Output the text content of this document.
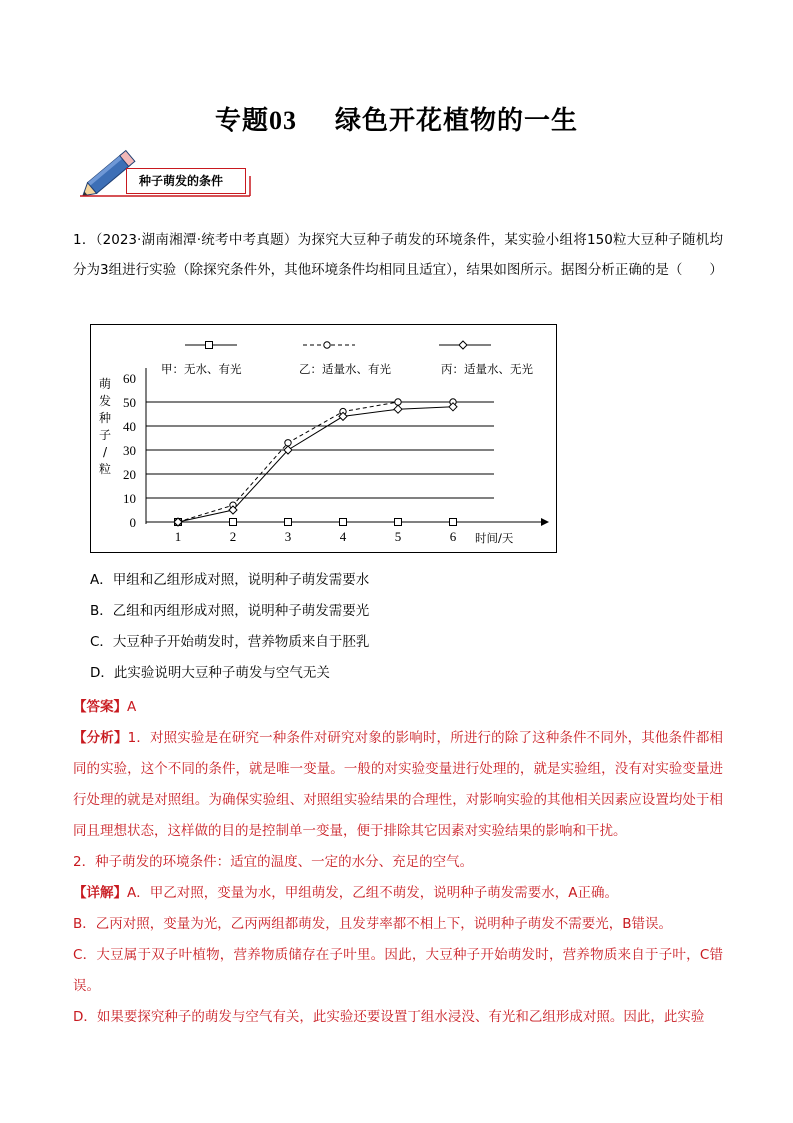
专题03 绿色开花植物的一生
种子萌发的条件
1．（2023·湖南湘潭·统考中考真题）为探究大豆种子萌发的环境条件，某实验小组将150粒大豆种子随机均分为3组进行实验（除探究条件外，其他环境条件均相同且适宜），结果如图所示。据图分析正确的是（　　）
0
10
20
30
40
50
60
1	2	3	4	5	6 时间/天
萌
发
种
子
/
粒
甲：无水、有光	乙：适量水、有光	丙：适量水、无光
A．甲组和乙组形成对照，说明种子萌发需要水
B．乙组和丙组形成对照，说明种子萌发需要光
C．大豆种子开始萌发时，营养物质来自于胚乳
D．此实验说明大豆种子萌发与空气无关
【答案】A

【分析】1．对照实验是在研究一种条件对研究对象的影响时，所进行的除了这种条件不同外，其他条件都相同的实验，这个不同的条件，就是唯一变量。一般的对实验变量进行处理的，就是实验组，没有对实验变量进行处理的就是对照组。为确保实验组、对照组实验结果的合理性，对影响实验的其他相关因素应设置均处于相同且理想状态，这样做的目的是控制单一变量，便于排除其它因素对实验结果的影响和干扰。

2．种子萌发的环境条件：适宜的温度、一定的水分、充足的空气。

【详解】A．甲乙对照，变量为水，甲组萌发，乙组不萌发，说明种子萌发需要水，A正确。

B．乙丙对照，变量为光，乙丙两组都萌发，且发芽率都不相上下，说明种子萌发不需要光，B错误。

C．大豆属于双子叶植物，营养物质储存在子叶里。因此，大豆种子开始萌发时，营养物质来自于子叶，C错误。

D．如果要探究种子的萌发与空气有关，此实验还要设置丁组水浸没、有光和乙组形成对照。因此，此实验
